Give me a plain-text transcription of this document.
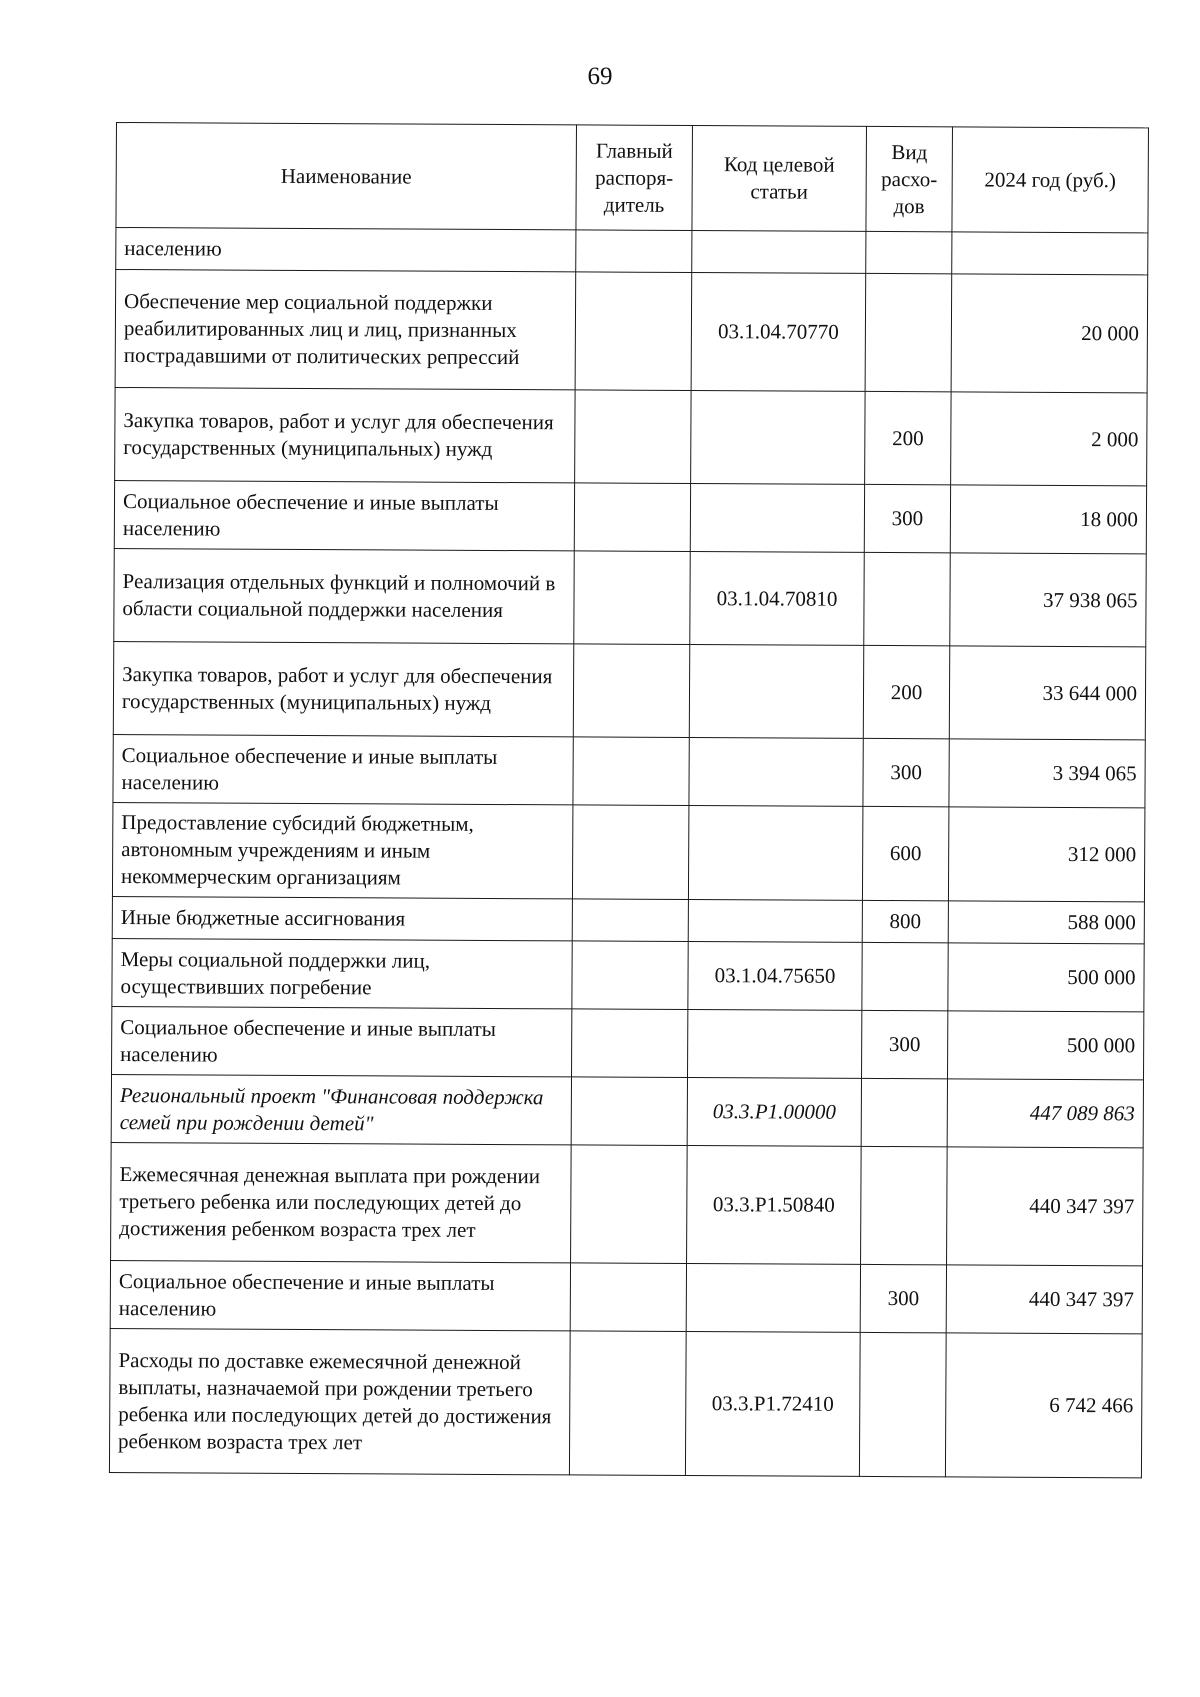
69
Наименование	Главный распоря-дитель	Код целевой статьи	Вид расхо-дов	2024 год (руб.)
населению				
Обеспечение мер социальной поддержки реабилитированных лиц и лиц, признанных пострадавшими от политических репрессий		03.1.04.70770		20 000
Закупка товаров, работ и услуг для обеспечения государственных (муниципальных) нужд			200	2 000
Социальное обеспечение и иные выплаты населению			300	18 000
Реализация отдельных функций и полномочий в области социальной поддержки населения		03.1.04.70810		37 938 065
Закупка товаров, работ и услуг для обеспечения государственных (муниципальных) нужд			200	33 644 000
Социальное обеспечение и иные выплаты населению			300	3 394 065
Предоставление субсидий бюджетным, автономным учреждениям и иным некоммерческим организациям			600	312 000
Иные бюджетные ассигнования			800	588 000
Меры социальной поддержки лиц, осуществивших погребение		03.1.04.75650		500 000
Социальное обеспечение и иные выплаты населению			300	500 000
Региональный проект "Финансовая поддержка семей при рождении детей"		03.3.Р1.00000		447 089 863
Ежемесячная денежная выплата при рождении третьего ребенка или последующих детей до достижения ребенком возраста трех лет		03.3.Р1.50840		440 347 397
Социальное обеспечение и иные выплаты населению			300	440 347 397
Расходы по доставке ежемесячной денежной выплаты, назначаемой при рождении третьего ребенка или последующих детей до достижения ребенком возраста трех лет		03.3.Р1.72410		6 742 466
